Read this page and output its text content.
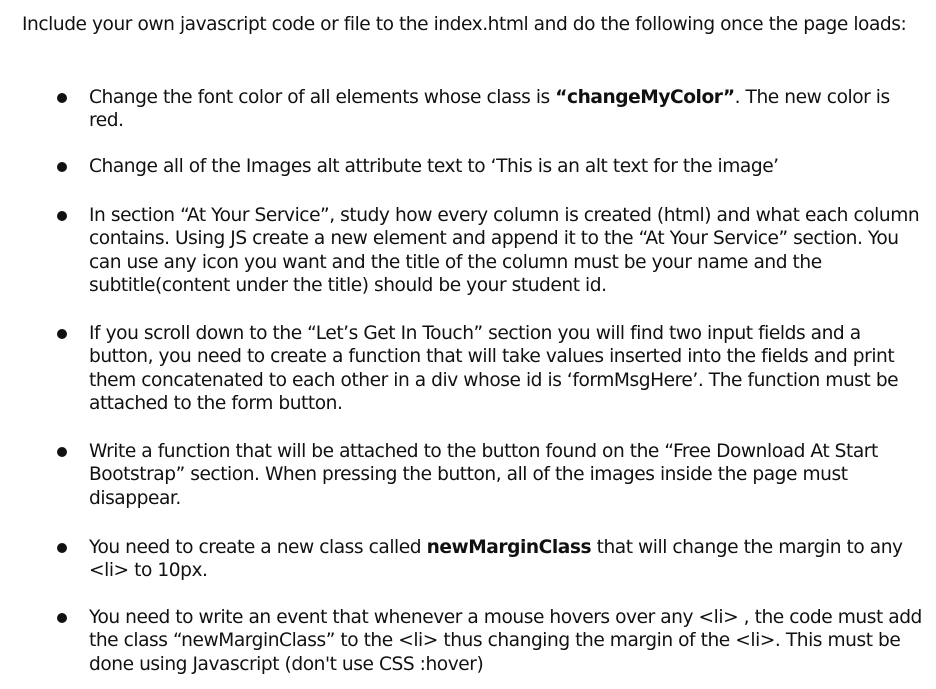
Include your own javascript code or file to the index.html and do the following once the page loads:

Change the font color of all elements whose class is “changeMyColor”. The new color is red.
Change all of the Images alt attribute text to ‘This is an alt text for the image’
In section “At Your Service”, study how every column is created (html) and what each column contains. Using JS create a new element and append it to the “At Your Service” section. You can use any icon you want and the title of the column must be your name and the subtitle(content under the title) should be your student id.
If you scroll down to the “Let’s Get In Touch” section you will find two input fields and a button, you need to create a function that will take values inserted into the fields and print them concatenated to each other in a div whose id is ‘formMsgHere’. The function must be attached to the form button.
Write a function that will be attached to the button found on the “Free Download At Start Bootstrap” section. When pressing the button, all of the images inside the page must disappear.
You need to create a new class called newMarginClass that will change the margin to any <li> to 10px.
You need to write an event that whenever a mouse hovers over any <li> , the code must add the class “newMarginClass” to the <li> thus changing the margin of the <li>. This must be done using Javascript (don't use CSS :hover)
